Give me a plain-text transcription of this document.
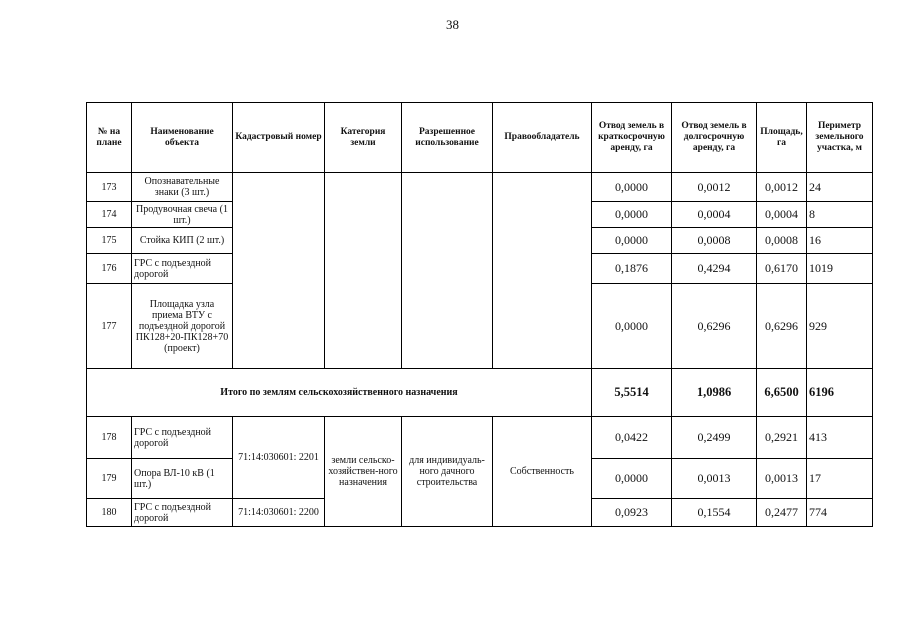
38
№ на плане	Наименование объекта	Кадастровый номер	Категория земли	Разрешенное использование	Правообладатель	Отвод земель в краткосрочную аренду, га	Отвод земель в долгосрочную аренду, га	Площадь, га	Периметр земельного участка, м
173	Опознавательные знаки (3 шт.)					0,0000	0,0012	0,0012	24
174	Продувочная свеча (1 шт.)					0,0000	0,0004	0,0004	8
175	Стойка КИП (2 шт.)					0,0000	0,0008	0,0008	16
176	ГРС с подъездной дорогой					0,1876	0,4294	0,6170	1019
177	Площадка узла приема ВТУ с подъездной дорогой ПК128+20-ПК128+70 (проект)					0,0000	0,6296	0,6296	929
Итого по землям сельскохозяйственного назначения						5,5514	1,0986	6,6500	6196
178	ГРС с подъездной дорогой	71:14:030601: 2201	земли сельско-хозяйствен-ного назначения	для индивидуаль-ного дачного строительства	Собственность	0,0422	0,2499	0,2921	413
179	Опора ВЛ-10 кВ (1 шт.)					0,0000	0,0013	0,0013	17
180	ГРС с подъездной дорогой	71:14:030601: 2200				0,0923	0,1554	0,2477	774
